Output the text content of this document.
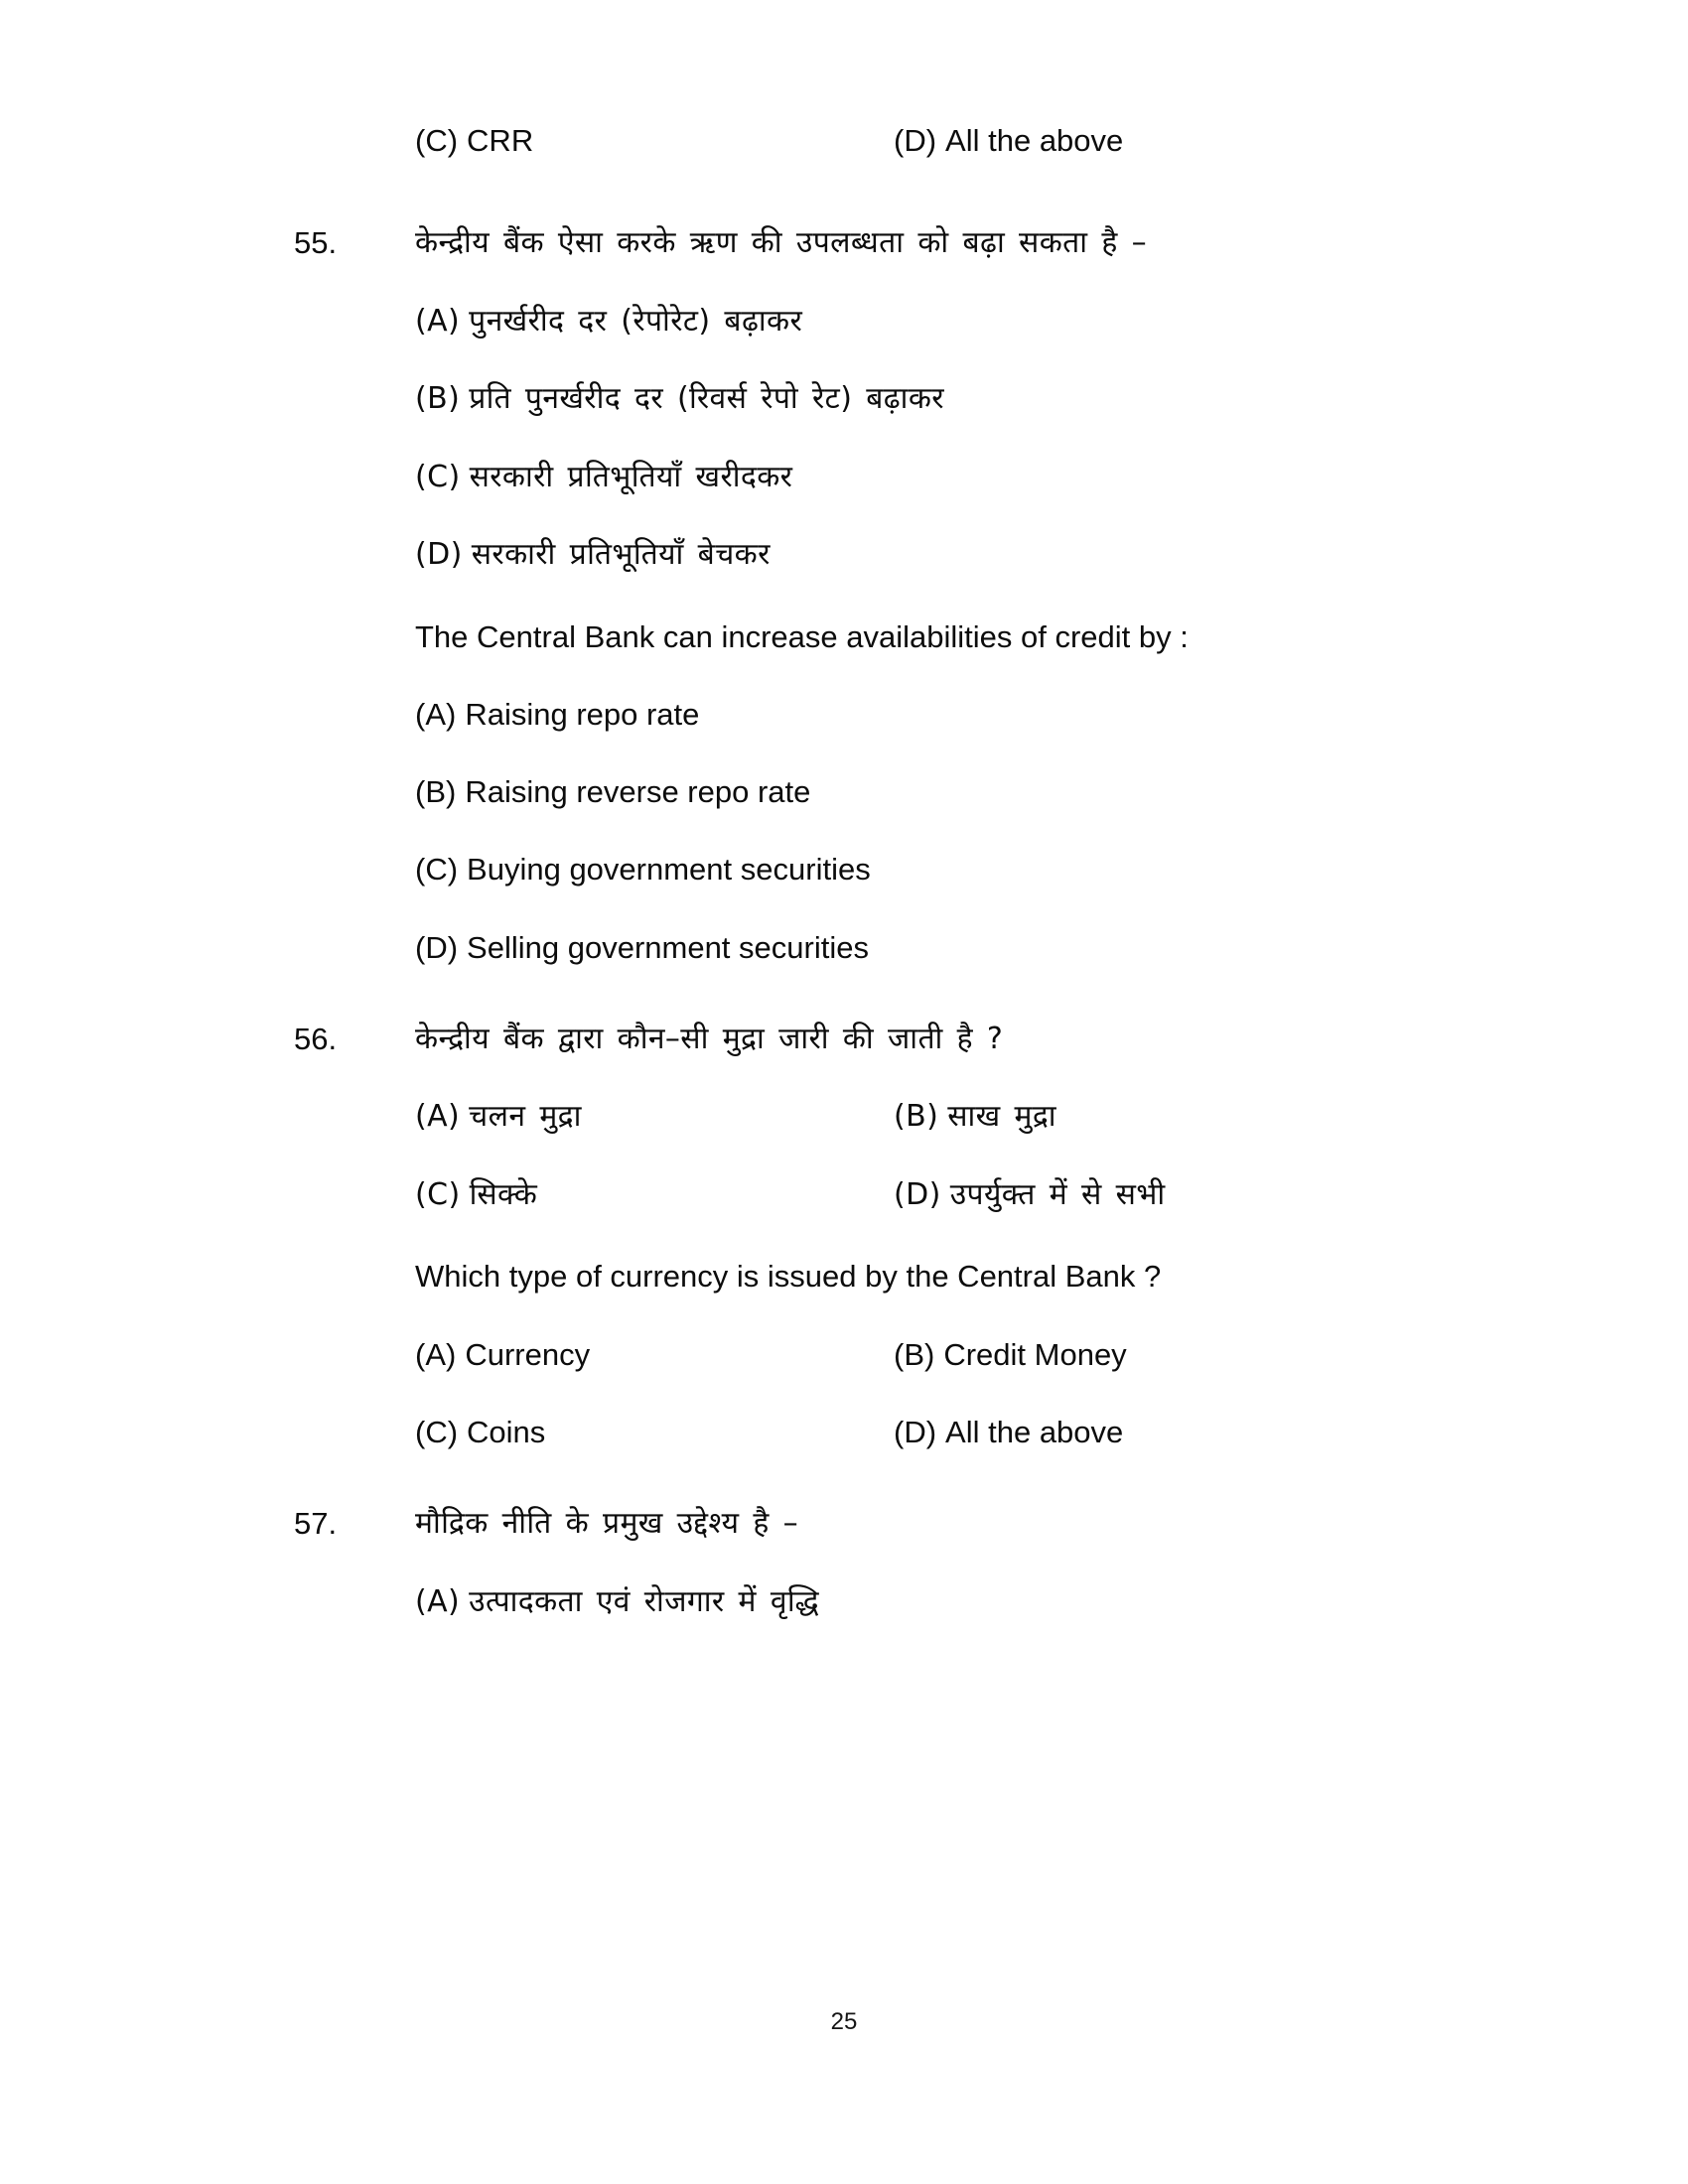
(C) CRR	(D) All the above
55.	केन्द्रीय बैंक ऐसा करके ऋण की उपलब्धता को बढ़ा सकता है –
(A) पुनर्खरीद दर (रेपोरेट) बढ़ाकर
(B) प्रति पुनर्खरीद दर (रिवर्स रेपो रेट) बढ़ाकर
(C) सरकारी प्रतिभूतियाँ खरीदकर
(D) सरकारी प्रतिभूतियाँ बेचकर
The Central Bank can increase availabilities of credit by :
(A) Raising repo rate
(B) Raising reverse repo rate
(C) Buying government securities
(D) Selling government securities
56.	केन्द्रीय बैंक द्वारा कौन–सी मुद्रा जारी की जाती है ?
(A) चलन मुद्रा	(B) साख मुद्रा
(C) सिक्के	(D) उपर्युक्त में से सभी
Which type of currency is issued by the Central Bank ?
(A) Currency	(B) Credit Money
(C) Coins	(D) All the above
57.	मौद्रिक नीति के प्रमुख उद्देश्य है –
(A) उत्पादकता एवं रोजगार में वृद्धि
25
